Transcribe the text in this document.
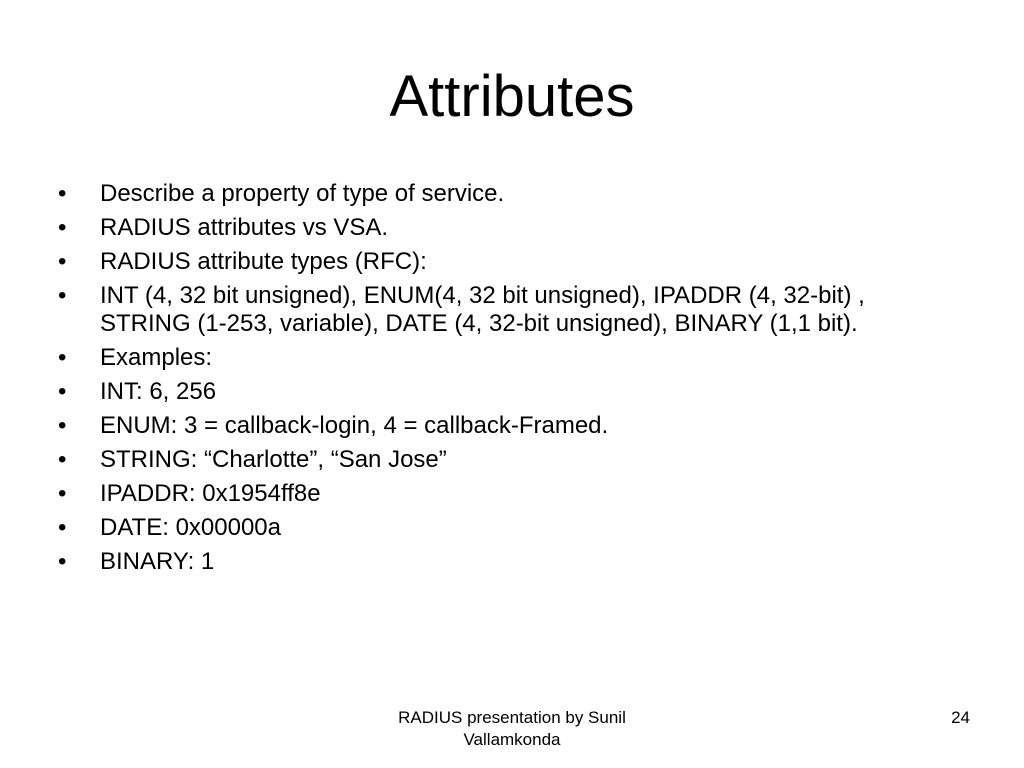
Attributes
•	Describe a property of type of service.
•	RADIUS attributes vs VSA.
•	RADIUS attribute types (RFC):
•	INT (4, 32 bit unsigned), ENUM(4, 32 bit unsigned), IPADDR (4, 32-bit) , STRING (1-253, variable), DATE (4, 32-bit unsigned), BINARY (1,1 bit).
•	Examples:
•	INT: 6, 256
•	ENUM: 3 = callback-login, 4 = callback-Framed.
•	STRING: “Charlotte”, “San Jose”
•	IPADDR: 0x1954ff8e
•	DATE: 0x00000a
•	BINARY: 1
RADIUS presentation by Sunil Vallamkonda
24
